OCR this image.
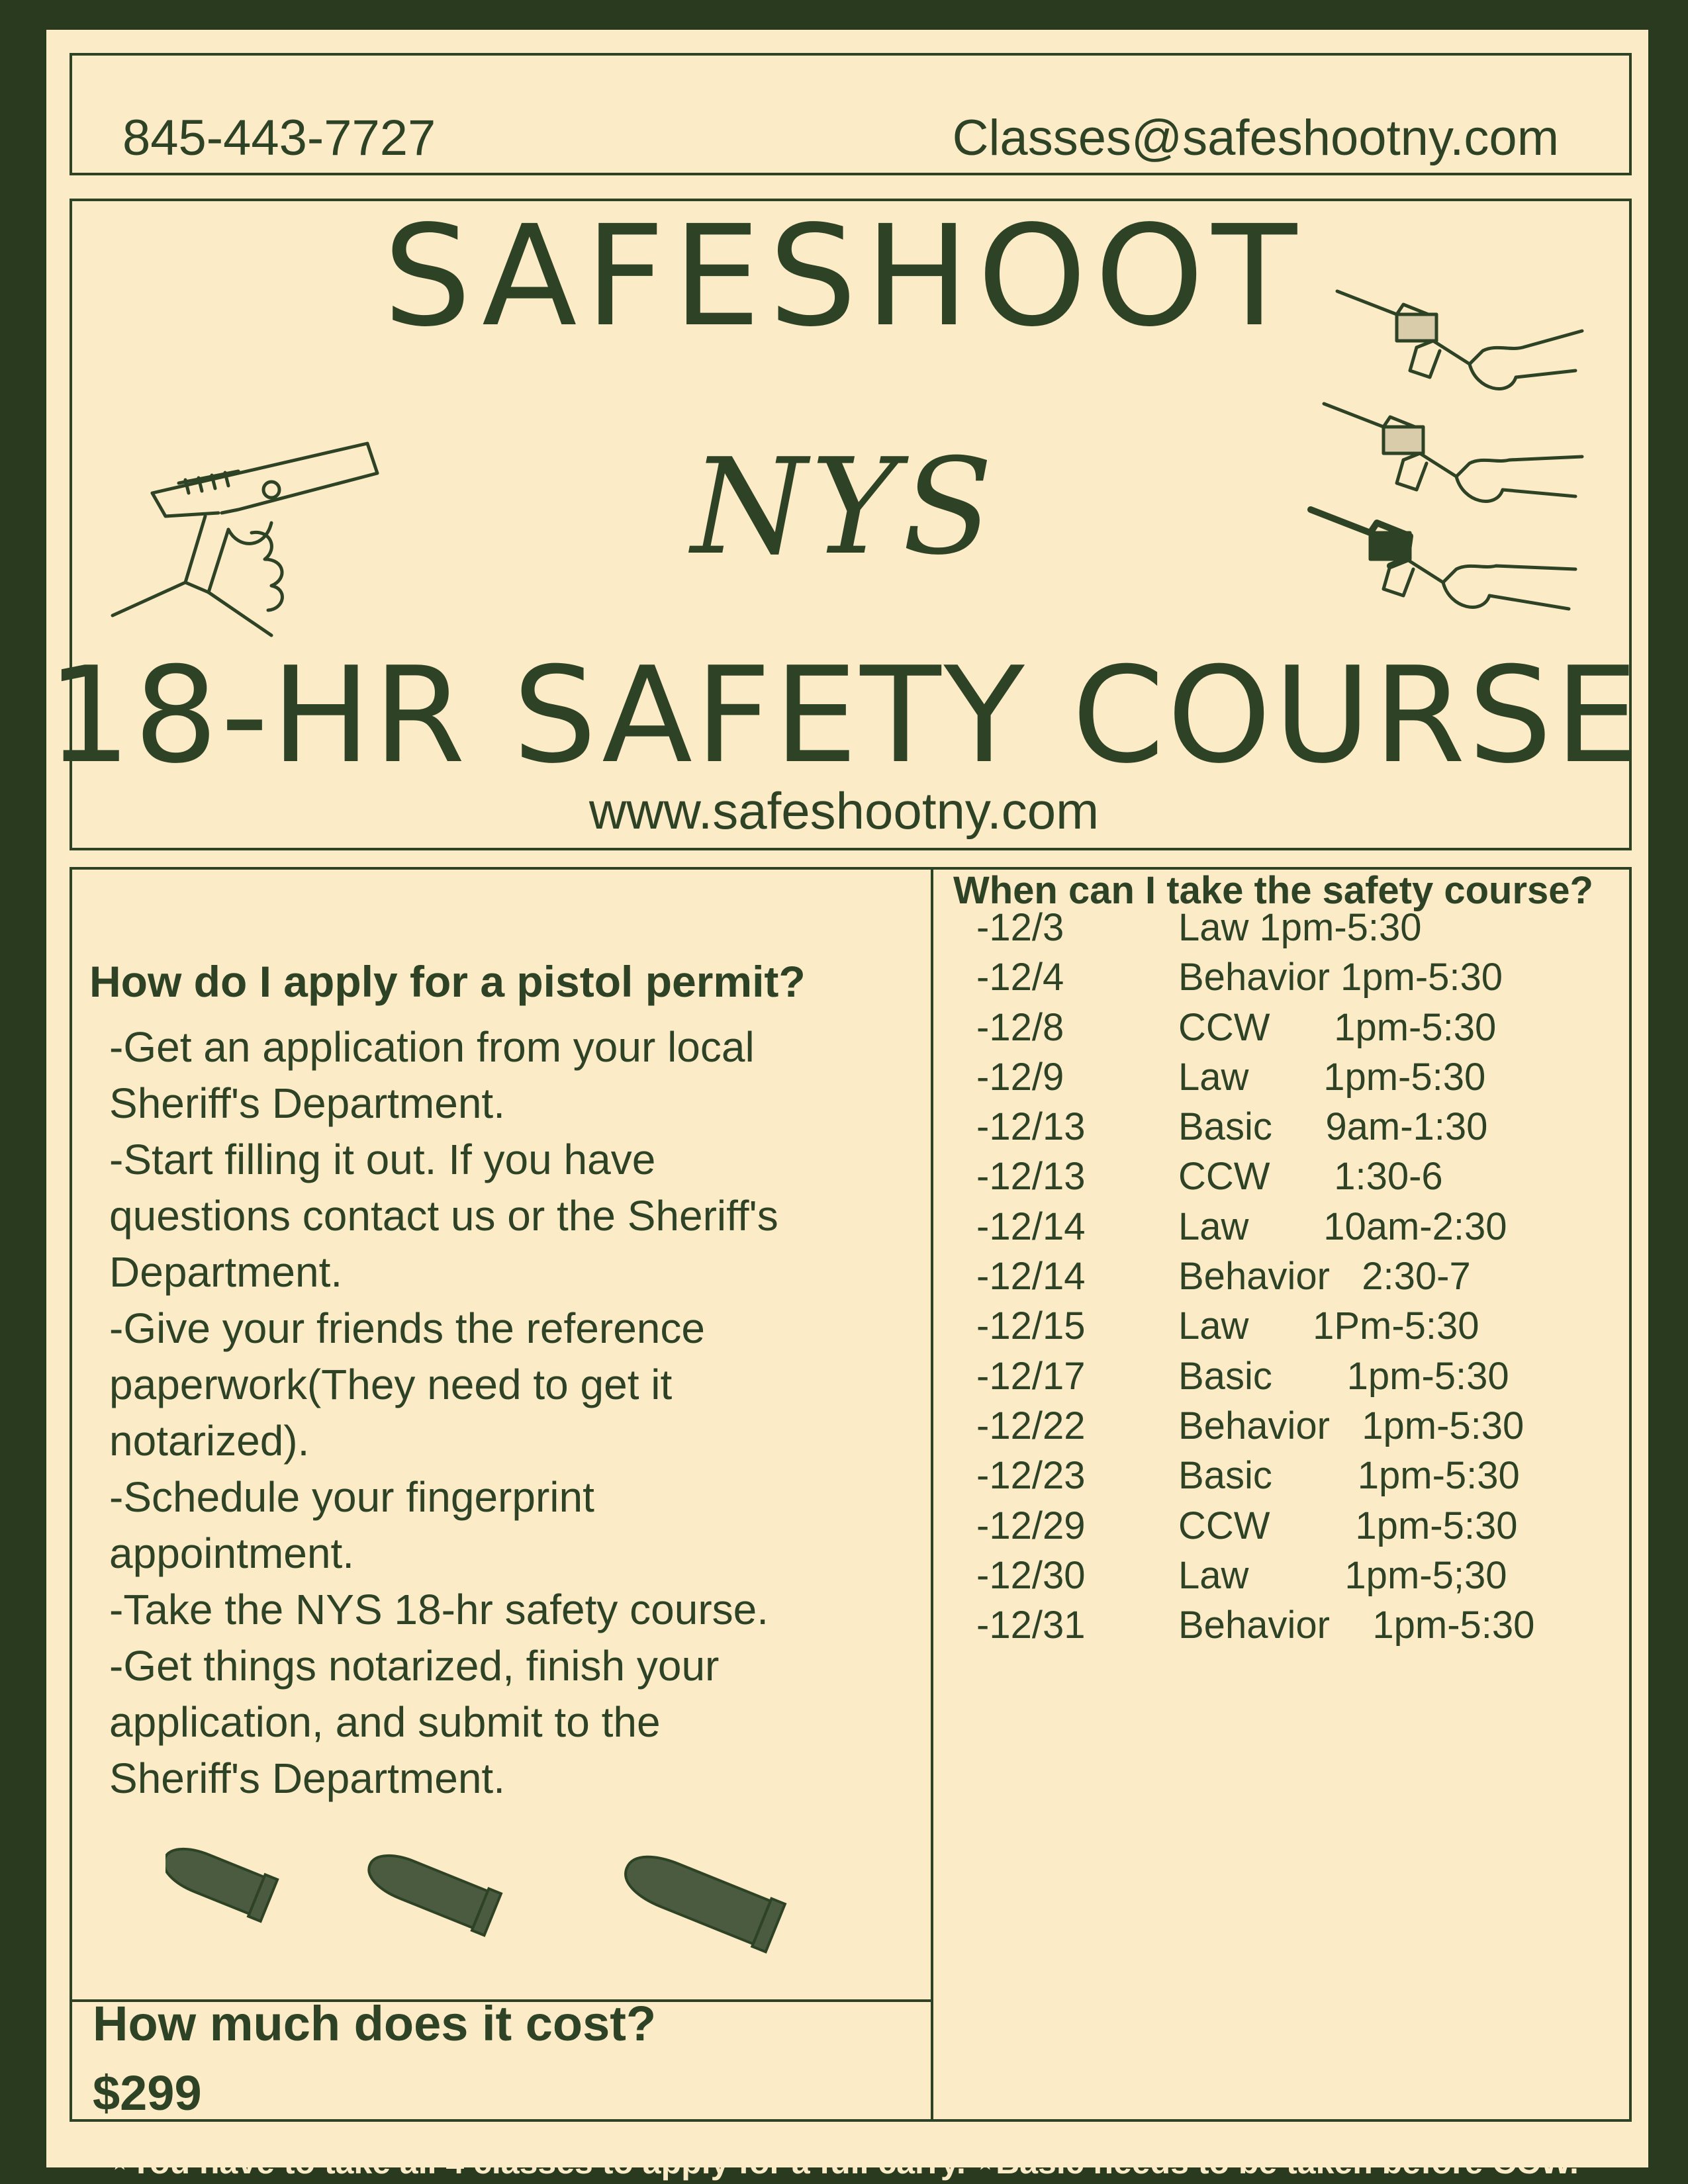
845-443-7727	Classes@safeshootny.com
SAFESHOOT
NYS
18-HR SAFETY COURSE
www.safeshootny.com
How do I apply for a pistol permit?
-Get an application from your local
Sheriff's Department.
-Start filling it out. If you have
questions contact us or the Sheriff's
Department.
-Give your friends the reference
paperwork(They need to get it
notarized).
-Schedule your fingerprint
appointment.
-Take the NYS 18-hr safety course.
-Get things notarized, finish your
application, and submit to the
Sheriff's Department.
When can I take the safety course?
-12/3	Law 1pm-5:30
-12/4	Behavior 1pm-5:30
-12/8	CCW      1pm-5:30
-12/9	Law       1pm-5:30
-12/13 Basic     9am-1:30
-12/13 CCW      1:30-6
-12/14 Law       10am-2:30
-12/14 Behavior   2:30-7
-12/15 Law      1Pm-5:30
-12/17 Basic       1pm-5:30
-12/22 Behavior   1pm-5:30
-12/23 Basic        1pm-5:30
-12/29 CCW        1pm-5:30
-12/30 Law         1pm-5;30
-12/31 Behavior    1pm-5:30
How much does it cost?
$299
⋆You have to take all 4 classes to apply for a full carry. ⋆Basic needs to be taken before CCW.
